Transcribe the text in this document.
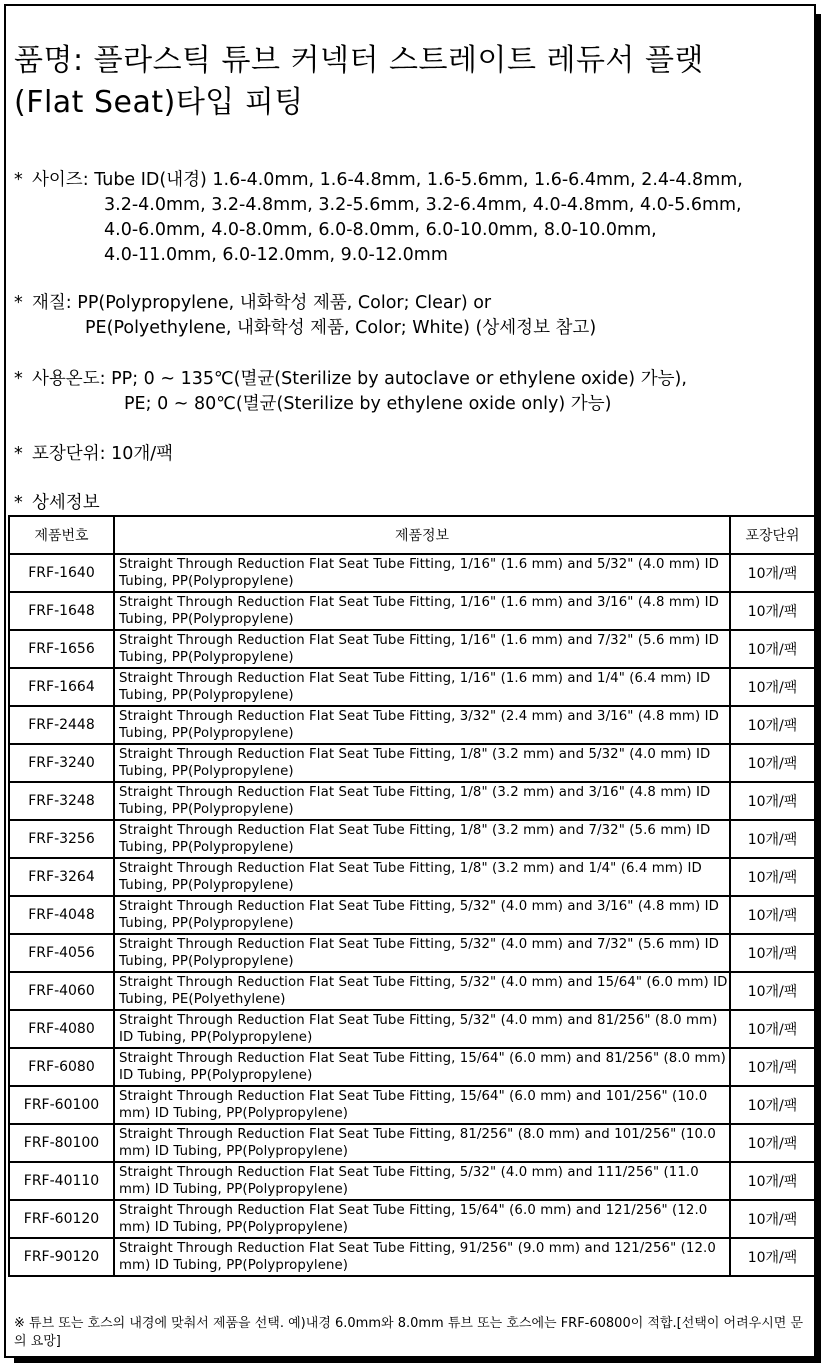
품명: 플라스틱 튜브 커넥터 스트레이트 레듀서 플랫
(Flat Seat)타입 피팅
* 사이즈: Tube ID(내경) 1.6-4.0mm, 1.6-4.8mm, 1.6-5.6mm, 1.6-6.4mm, 2.4-4.8mm,
3.2-4.0mm, 3.2-4.8mm, 3.2-5.6mm, 3.2-6.4mm, 4.0-4.8mm, 4.0-5.6mm,
4.0-6.0mm, 4.0-8.0mm, 6.0-8.0mm, 6.0-10.0mm, 8.0-10.0mm,
4.0-11.0mm, 6.0-12.0mm, 9.0-12.0mm
* 재질: PP(Polypropylene, 내화학성 제품, Color; Clear) or
PE(Polyethylene, 내화학성 제품, Color; White) (상세정보 참고)
* 사용온도: PP; 0 ~ 135℃(멸균(Sterilize by autoclave or ethylene oxide) 가능),
PE; 0 ~ 80℃(멸균(Sterilize by ethylene oxide only) 가능)
* 포장단위: 10개/팩
* 상세정보
제품번호	제품정보	포장단위
FRF-1640	Straight Through Reduction Flat Seat Tube Fitting, 1/16" (1.6 mm) and 5/32" (4.0 mm) ID Tubing, PP(Polypropylene)	10개/팩
FRF-1648	Straight Through Reduction Flat Seat Tube Fitting, 1/16" (1.6 mm) and 3/16" (4.8 mm) ID Tubing, PP(Polypropylene)	10개/팩
FRF-1656	Straight Through Reduction Flat Seat Tube Fitting, 1/16" (1.6 mm) and 7/32" (5.6 mm) ID Tubing, PP(Polypropylene)	10개/팩
FRF-1664	Straight Through Reduction Flat Seat Tube Fitting, 1/16" (1.6 mm) and 1/4" (6.4 mm) ID Tubing, PP(Polypropylene)	10개/팩
FRF-2448	Straight Through Reduction Flat Seat Tube Fitting, 3/32" (2.4 mm) and 3/16" (4.8 mm) ID Tubing, PP(Polypropylene)	10개/팩
FRF-3240	Straight Through Reduction Flat Seat Tube Fitting, 1/8" (3.2 mm) and 5/32" (4.0 mm) ID Tubing, PP(Polypropylene)	10개/팩
FRF-3248	Straight Through Reduction Flat Seat Tube Fitting, 1/8" (3.2 mm) and 3/16" (4.8 mm) ID Tubing, PP(Polypropylene)	10개/팩
FRF-3256	Straight Through Reduction Flat Seat Tube Fitting, 1/8" (3.2 mm) and 7/32" (5.6 mm) ID Tubing, PP(Polypropylene)	10개/팩
FRF-3264	Straight Through Reduction Flat Seat Tube Fitting, 1/8" (3.2 mm) and 1/4" (6.4 mm) ID Tubing, PP(Polypropylene)	10개/팩
FRF-4048	Straight Through Reduction Flat Seat Tube Fitting, 5/32" (4.0 mm) and 3/16" (4.8 mm) ID Tubing, PP(Polypropylene)	10개/팩
FRF-4056	Straight Through Reduction Flat Seat Tube Fitting, 5/32" (4.0 mm) and 7/32" (5.6 mm) ID Tubing, PP(Polypropylene)	10개/팩
FRF-4060	Straight Through Reduction Flat Seat Tube Fitting, 5/32" (4.0 mm) and 15/64" (6.0 mm) ID Tubing, PE(Polyethylene)	10개/팩
FRF-4080	Straight Through Reduction Flat Seat Tube Fitting, 5/32" (4.0 mm) and 81/256" (8.0 mm) ID Tubing, PP(Polypropylene)	10개/팩
FRF-6080	Straight Through Reduction Flat Seat Tube Fitting, 15/64" (6.0 mm) and 81/256" (8.0 mm) ID Tubing, PP(Polypropylene)	10개/팩
FRF-60100	Straight Through Reduction Flat Seat Tube Fitting, 15/64" (6.0 mm) and 101/256" (10.0 mm) ID Tubing, PP(Polypropylene)	10개/팩
FRF-80100	Straight Through Reduction Flat Seat Tube Fitting, 81/256" (8.0 mm) and 101/256" (10.0 mm) ID Tubing, PP(Polypropylene)	10개/팩
FRF-40110	Straight Through Reduction Flat Seat Tube Fitting, 5/32" (4.0 mm) and 111/256" (11.0 mm) ID Tubing, PP(Polypropylene)	10개/팩
FRF-60120	Straight Through Reduction Flat Seat Tube Fitting, 15/64" (6.0 mm) and 121/256" (12.0 mm) ID Tubing, PP(Polypropylene)	10개/팩
FRF-90120	Straight Through Reduction Flat Seat Tube Fitting, 91/256" (9.0 mm) and 121/256" (12.0 mm) ID Tubing, PP(Polypropylene)	10개/팩
※ 튜브 또는 호스의 내경에 맞춰서 제품을 선택. 예)내경 6.0mm와 8.0mm 튜브 또는 호스에는 FRF-60800이 적합.[선택이 어려우시면 문의 요망]
